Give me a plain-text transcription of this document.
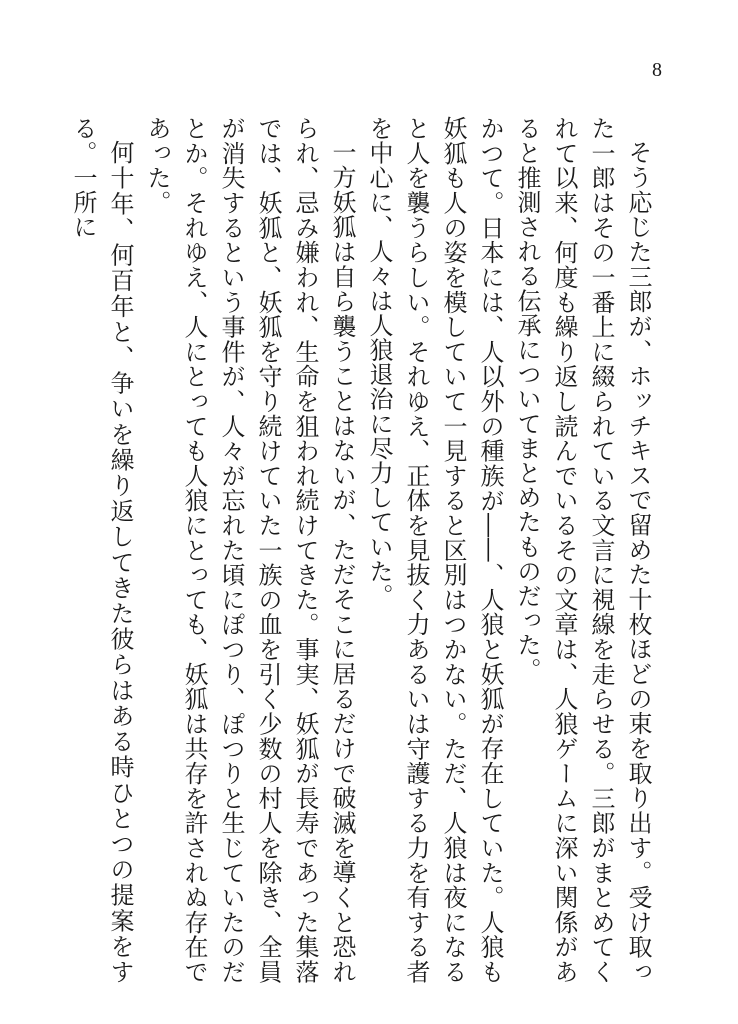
8

そう応じた三郎が、ホッチキスで留めた十枚ほどの束を取り出す。受け取った一郎はその一番上に綴られている文言に視線を走らせる。三郎がまとめてくれて以来、何度も繰り返し読んでいるその文章は、人狼ゲームに深い関係があると推測される伝承についてまとめたものだった。

かつて。日本には、人以外の種族が――、人狼と妖狐が存在していた。人狼も妖狐も人の姿を模していて一見すると区別はつかない。ただ、人狼は夜になると人を襲うらしい。それゆえ、正体を見抜く力あるいは守護する力を有する者を中心に、人々は人狼退治に尽力していた。

一方妖狐は自ら襲うことはないが、ただそこに居るだけで破滅を導くと恐れられ、忌み嫌われ、生命を狙われ続けてきた。事実、妖狐が長寿であった集落では、妖狐と、妖狐を守り続けていた一族の血を引く少数の村人を除き、全員が消失するという事件が、人々が忘れた頃にぽつり、ぽつりと生じていたのだとか。それゆえ、人にとっても人狼にとっても、妖狐は共存を許されぬ存在であった。

何十年、何百年と、争いを繰り返してきた彼らはある時ひとつの提案をする。一所に
